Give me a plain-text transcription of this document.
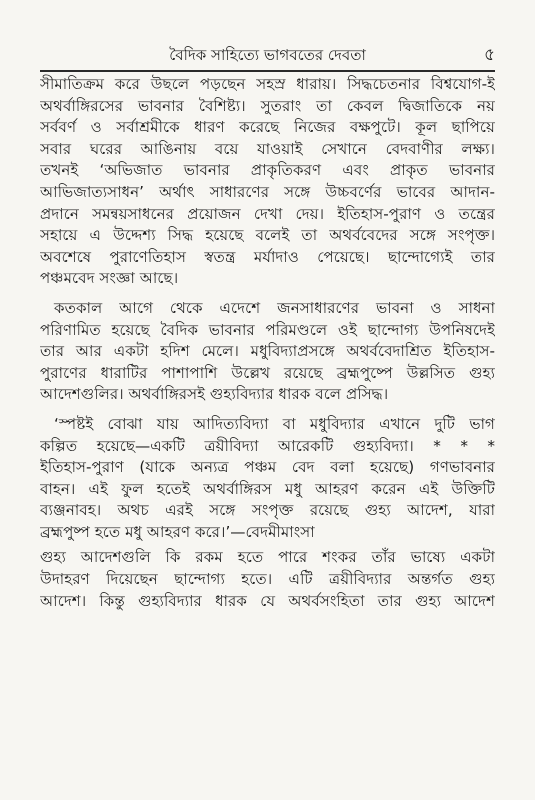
বৈদিক সাহিত্যে ভাগবতের দেবতা	৫
সীমাতিক্রম করে উছলে পড়ছেন সহস্র ধারায়। সিদ্ধচেতনার বিশ্বযোগ-ই
অথর্বাঙ্গিরসের ভাবনার বৈশিষ্ট্য। সুতরাং তা কেবল দ্বিজাতিকে নয়
সর্ববর্ণ ও সর্বাশ্রমীকে ধারণ করেছে নিজের বক্ষপুটে। কূল ছাপিয়ে
সবার ঘরের আঙিনায় বয়ে যাওয়াই সেখানে বেদবাণীর লক্ষ্য।
তখনই ‘অভিজাত ভাবনার প্রাকৃতিকরণ এবং প্রাকৃত ভাবনার
আভিজাত্যসাধন’ অর্থাৎ সাধারণের সঙ্গে উচ্চবর্ণের ভাবের আদান-
প্রদানে সমন্বয়সাধনের প্রয়োজন দেখা দেয়। ইতিহাস-পুরাণ ও তন্ত্রের
সহায়ে এ উদ্দেশ্য সিদ্ধ হয়েছে বলেই তা অথর্ববেদের সঙ্গে সংপৃক্ত।
অবশেষে পুরাণেতিহাস স্বতন্ত্র মর্যাদাও পেয়েছে। ছান্দোগ্যেই তার
পঞ্চমবেদ সংজ্ঞা আছে।
কতকাল আগে থেকে এদেশে জনসাধারণের ভাবনা ও সাধনা
পরিণামিত হয়েছে বৈদিক ভাবনার পরিমণ্ডলে ওই ছান্দোগ্য উপনিষদেই
তার আর একটা হদিশ মেলে। মধুবিদ্যাপ্রসঙ্গে অথর্ববেদাশ্রিত ইতিহাস-
পুরাণের ধারাটির পাশাপাশি উল্লেখ রয়েছে ব্রহ্মপুষ্পে উল্লসিত গুহ্য
আদেশগুলির। অথর্বাঙ্গিরসই গুহ্যবিদ্যার ধারক বলে প্রসিদ্ধ।
‘স্পষ্টই বোঝা যায় আদিত্যবিদ্যা বা মধুবিদ্যার এখানে দুটি ভাগ
কল্পিত হয়েছে—একটি ত্রয়ীবিদ্যা আরেকটি গুহ্যবিদ্যা। * * *
ইতিহাস-পুরাণ (যাকে অন্যত্র পঞ্চম বেদ বলা হয়েছে) গণভাবনার
বাহন। এই ফুল হতেই অথর্বাঙ্গিরস মধু আহরণ করেন এই উক্তিটি
ব্যঞ্জনাবহ। অথচ এরই সঙ্গে সংপৃক্ত রয়েছে গুহ্য আদেশ, যারা
ব্রহ্মপুষ্প হতে মধু আহরণ করে।’—বেদমীমাংসা
গুহ্য আদেশগুলি কি রকম হতে পারে শংকর তাঁর ভাষ্যে একটা
উদাহরণ দিয়েছেন ছান্দোগ্য হতে। এটি ত্রয়ীবিদ্যার অন্তর্গত গুহ্য
আদেশ। কিন্তু গুহ্যবিদ্যার ধারক যে অথর্বসংহিতা তার গুহ্য আদেশ
